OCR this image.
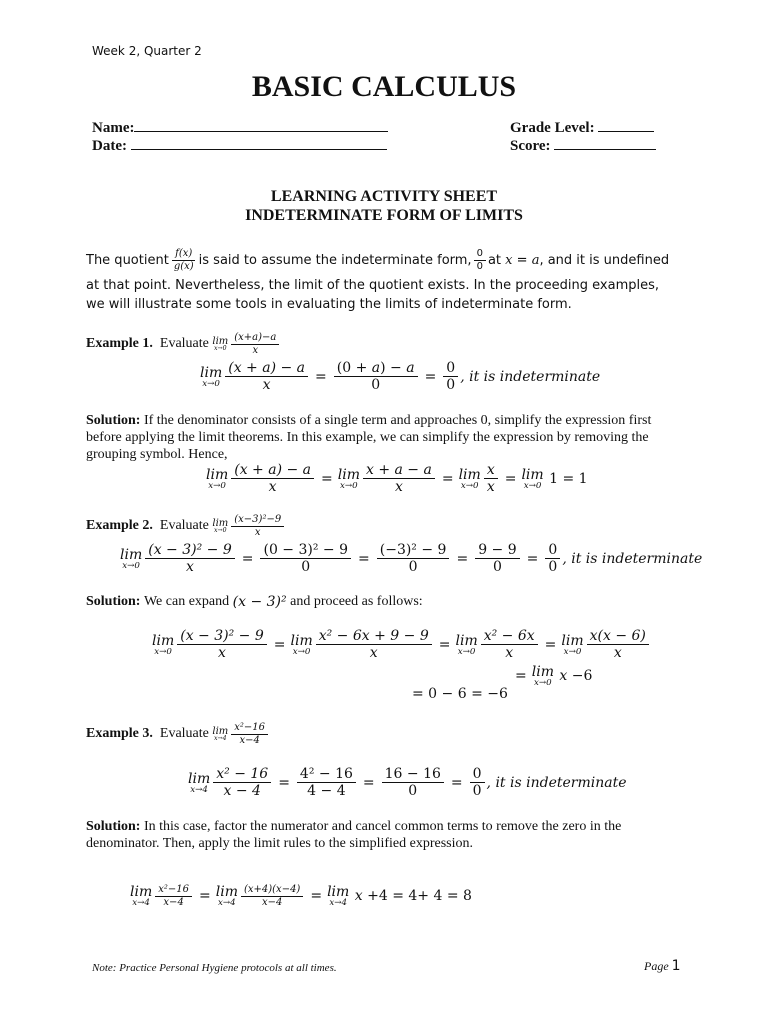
Week 2, Quarter 2
BASIC CALCULUS
Name:
Date:
Grade Level:
Score:
LEARNING ACTIVITY SHEET
INDETERMINATE FORM OF LIMITS
The quotient $\frac{f(x)}{g(x)}$ is said to assume the indeterminate form, $\frac{0}{0}$ at
x = a , and it is undefined
at that point. Nevertheless, the limit of the quotient exists. In the proceeding examples,
we will illustrate some tools in evaluating the limits of indeterminate form.
Example 1.
Evaluate
lim
$x\to 0 \frac{(x+a)-a}{x}$
lim
$x\to 0 \frac{(x + a) - a}{x} = \frac{(0 + a) - a}{0} = \frac{0}{0}$ , it is indeterminate
Solution: If the denominator consists of a single term and approaches 0, simplify the expression first before applying the limit theorems. In this example, we can simplify the expression by removing the grouping symbol. Hence,
lim
$x\to 0 \frac{(x + a) - a}{x} = \lim$
$x\to 0 \frac{x + a - a}{x} = \lim$
$x\to 0 \frac{x}{x} = \lim$
x→0 1 = 1
Example 2.
Evaluate
lim
$x\to 0 \frac{\text{(x−3)²−9}}{x}$
lim
$x\to 0 \frac{\text{(x − 3)² − 9}}{x} = \frac{\text{(0 − 3)² − 9}}{0} = \frac{\text{(−3)² − 9}}{0} = \frac{9 - 9}{0} = \frac{0}{0}$ , it is indeterminate
Solution:
We can expand
(x − 3)²
and proceed as follows:
lim
$x\to 0 \frac{\text{(x − 3)² − 9}}{x} = \lim$
$x\to 0 \frac{\text{x² − 6x + 9 − 9}}{x} = \lim$
$x\to 0 \frac{\text{x² − 6x}}{x} = \lim$
$x\to 0 \frac{x(x - 6)}{x}$
= lim
x→0 x − 6
= 0 − 6 = −6
Example 3.
Evaluate
lim
$x\to 4 \frac{\text{x²−16}}{x-4}$
lim
$x\to 4 \frac{\text{x² − 16}}{x - 4} = \frac{\text{4² − 16}}{4 - 4} = \frac{16 - 16}{0} = \frac{0}{0}$ , it is indeterminate
Solution: In this case, factor the numerator and cancel common terms to remove the zero in the denominator. Then, apply the limit rules to the simplified expression.
lim
$x\to 4 \frac{\text{x²−16}}{x-4} = \lim$
$x\to 4 \frac{(x+4)(x-4)}{x-4} = \lim$
x→4 x + 4 = 4+ 4 = 8
Note: Practice Personal Hygiene protocols at all times.	Page 1
